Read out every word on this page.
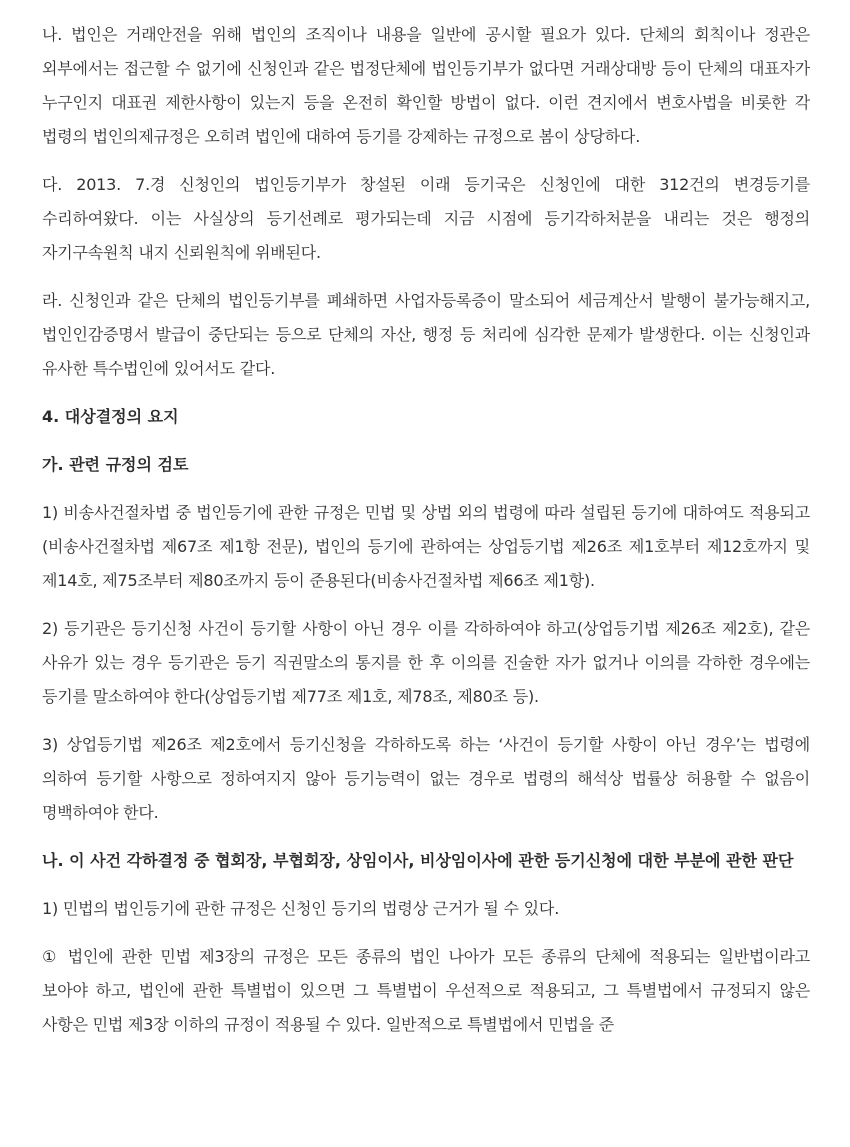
나. 법인은 거래안전을 위해 법인의 조직이나 내용을 일반에 공시할 필요가 있다. 단체의 회칙이나 정관은 외부에서는 접근할 수 없기에 신청인과 같은 법정단체에 법인등기부가 없다면 거래상대방 등이 단체의 대표자가 누구인지 대표권 제한사항이 있는지 등을 온전히 확인할 방법이 없다. 이런 견지에서 변호사법을 비롯한 각 법령의 법인의제규정은 오히려 법인에 대하여 등기를 강제하는 규정으로 봄이 상당하다.

다. 2013. 7.경 신청인의 법인등기부가 창설된 이래 등기국은 신청인에 대한 312건의 변경등기를 수리하여왔다. 이는 사실상의 등기선례로 평가되는데 지금 시점에 등기각하처분을 내리는 것은 행정의 자기구속원칙 내지 신뢰원칙에 위배된다.

라. 신청인과 같은 단체의 법인등기부를 폐쇄하면 사업자등록증이 말소되어 세금계산서 발행이 불가능해지고, 법인인감증명서 발급이 중단되는 등으로 단체의 자산, 행정 등 처리에 심각한 문제가 발생한다. 이는 신청인과 유사한 특수법인에 있어서도 같다.

4. 대상결정의 요지
가. 관련 규정의 검토

1) 비송사건절차법 중 법인등기에 관한 규정은 민법 및 상법 외의 법령에 따라 설립된 등기에 대하여도 적용되고(비송사건절차법 제67조 제1항 전문), 법인의 등기에 관하여는 상업등기법 제26조 제1호부터 제12호까지 및 제14호, 제75조부터 제80조까지 등이 준용된다(비송사건절차법 제66조 제1항).

2) 등기관은 등기신청 사건이 등기할 사항이 아닌 경우 이를 각하하여야 하고(상업등기법 제26조 제2호), 같은 사유가 있는 경우 등기관은 등기 직권말소의 통지를 한 후 이의를 진술한 자가 없거나 이의를 각하한 경우에는 등기를 말소하여야 한다(상업등기법 제77조 제1호, 제78조, 제80조 등).

3) 상업등기법 제26조 제2호에서 등기신청을 각하하도록 하는 ‘사건이 등기할 사항이 아닌 경우’는 법령에 의하여 등기할 사항으로 정하여지지 않아 등기능력이 없는 경우로 법령의 해석상 법률상 허용할 수 없음이 명백하여야 한다.

나. 이 사건 각하결정 중 협회장, 부협회장, 상임이사, 비상임이사에 관한 등기신청에 대한 부분에 관한 판단

1) 민법의 법인등기에 관한 규정은 신청인 등기의 법령상 근거가 될 수 있다.

① 법인에 관한 민법 제3장의 규정은 모든 종류의 법인 나아가 모든 종류의 단체에 적용되는 일반법이라고 보아야 하고, 법인에 관한 특별법이 있으면 그 특별법이 우선적으로 적용되고, 그 특별법에서 규정되지 않은 사항은 민법 제3장 이하의 규정이 적용될 수 있다. 일반적으로 특별법에서 민법을 준
